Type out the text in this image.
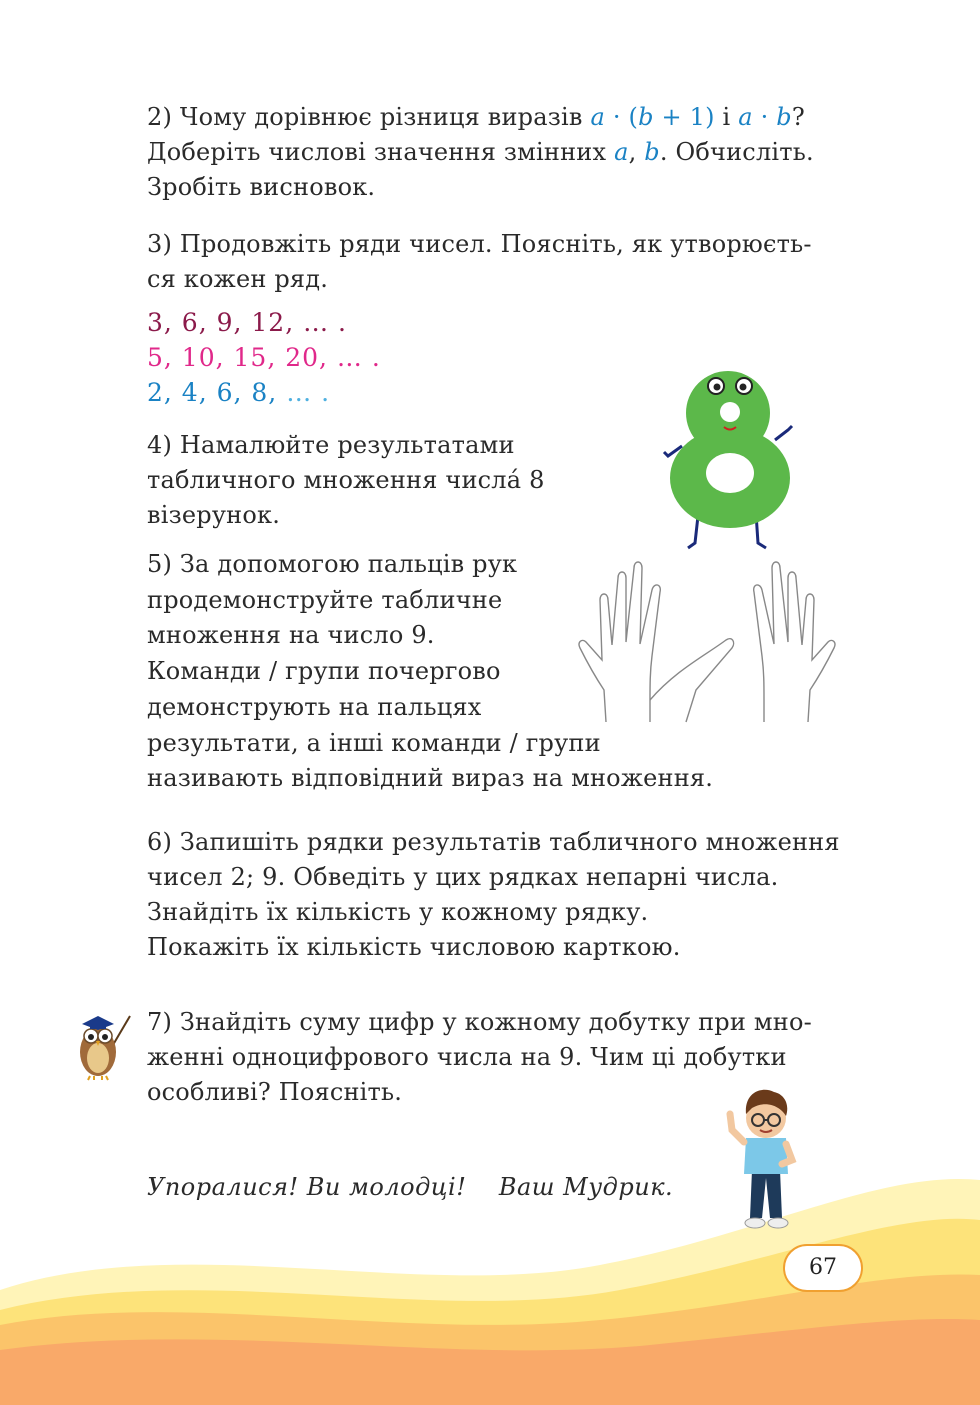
2) Чому дорівнює різниця виразів a · (b + 1) і a · b?
Доберіть числові значення змінних a, b. Обчисліть.
Зробіть висновок.
3) Продовжіть ряди чисел. Поясніть, як утворюєть-
ся кожен ряд.
3, 6, 9, 12, … .
5, 10, 15, 20, … .
2, 4, 6, 8, … .
4) Намалюйте результатами
табличного множення числа́ 8
візерунок.
5) За допомогою пальців рук
продемонструйте табличне
множення на число 9.
Команди / групи почергово
демонструють на пальцях
результати, а інші команди / групи
називають відповідний вираз на множення.
6) Запишіть рядки результатів табличного множення
чисел 2; 9. Обведіть у цих рядках непарні числа.
Знайдіть їх кількість у кожному рядку.
Покажіть їх кількість числовою карткою.
7) Знайдіть суму цифр у кожному добутку при мно-
женні одноцифрового числа на 9. Чим ці добутки
особливі? Поясніть.
Упоралися! Ви молодці! Ваш Мудрик.
67
